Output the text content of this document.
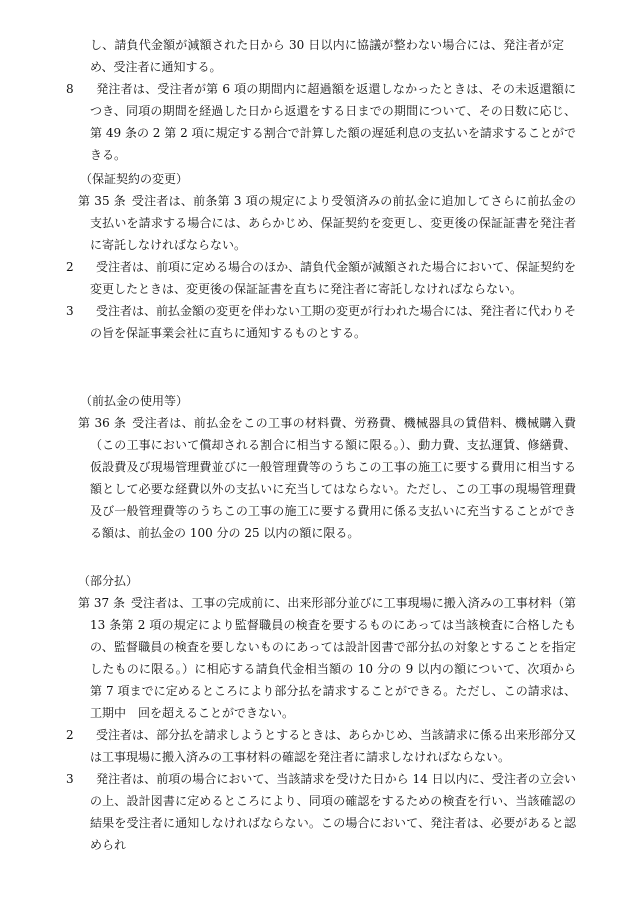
し、請負代金額が減額された日から 30 日以内に協議が整わない場合には、発注者が定め、受注者に通知する。

8 発注者は、受注者が第 6 項の期間内に超過額を返還しなかったときは、その未返還額につき、同項の期間を経過した日から返還をする日までの期間について、その日数に応じ、第 49 条の 2 第 2 項に規定する割合で計算した額の遅延利息の支払いを請求することができる。

（保証契約の変更）

第 35 条 受注者は、前条第 3 項の規定により受領済みの前払金に追加してさらに前払金の支払いを請求する場合には、あらかじめ、保証契約を変更し、変更後の保証証書を発注者に寄託しなければならない。

2 受注者は、前項に定める場合のほか、請負代金額が減額された場合において、保証契約を変更したときは、変更後の保証証書を直ちに発注者に寄託しなければならない。

3 受注者は、前払金額の変更を伴わない工期の変更が行われた場合には、発注者に代わりその旨を保証事業会社に直ちに通知するものとする。

（前払金の使用等）

第 36 条 受注者は、前払金をこの工事の材料費、労務費、機械器具の賃借料、機械購入費（この工事において償却される割合に相当する額に限る。）、動力費、支払運賃、修繕費、仮設費及び現場管理費並びに一般管理費等のうちこの工事の施工に要する費用に相当する額として必要な経費以外の支払いに充当してはならない。ただし、この工事の現場管理費及び一般管理費等のうちこの工事の施工に要する費用に係る支払いに充当することができる額は、前払金の 100 分の 25 以内の額に限る。

（部分払）

第 37 条 受注者は、工事の完成前に、出来形部分並びに工事現場に搬入済みの工事材料（第 13 条第 2 項の規定により監督職員の検査を要するものにあっては当該検査に合格したもの、監督職員の検査を要しないものにあっては設計図書で部分払の対象とすることを指定したものに限る。）に相応する請負代金相当額の 10 分の 9 以内の額について、次項から第 7 項までに定めるところにより部分払を請求することができる。ただし、この請求は、工期中　回を超えることができない。

2 受注者は、部分払を請求しようとするときは、あらかじめ、当該請求に係る出来形部分又は工事現場に搬入済みの工事材料の確認を発注者に請求しなければならない。

3 発注者は、前項の場合において、当該請求を受けた日から 14 日以内に、受注者の立会いの上、設計図書に定めるところにより、同項の確認をするための検査を行い、当該確認の結果を受注者に通知しなければならない。この場合において、発注者は、必要があると認められ
